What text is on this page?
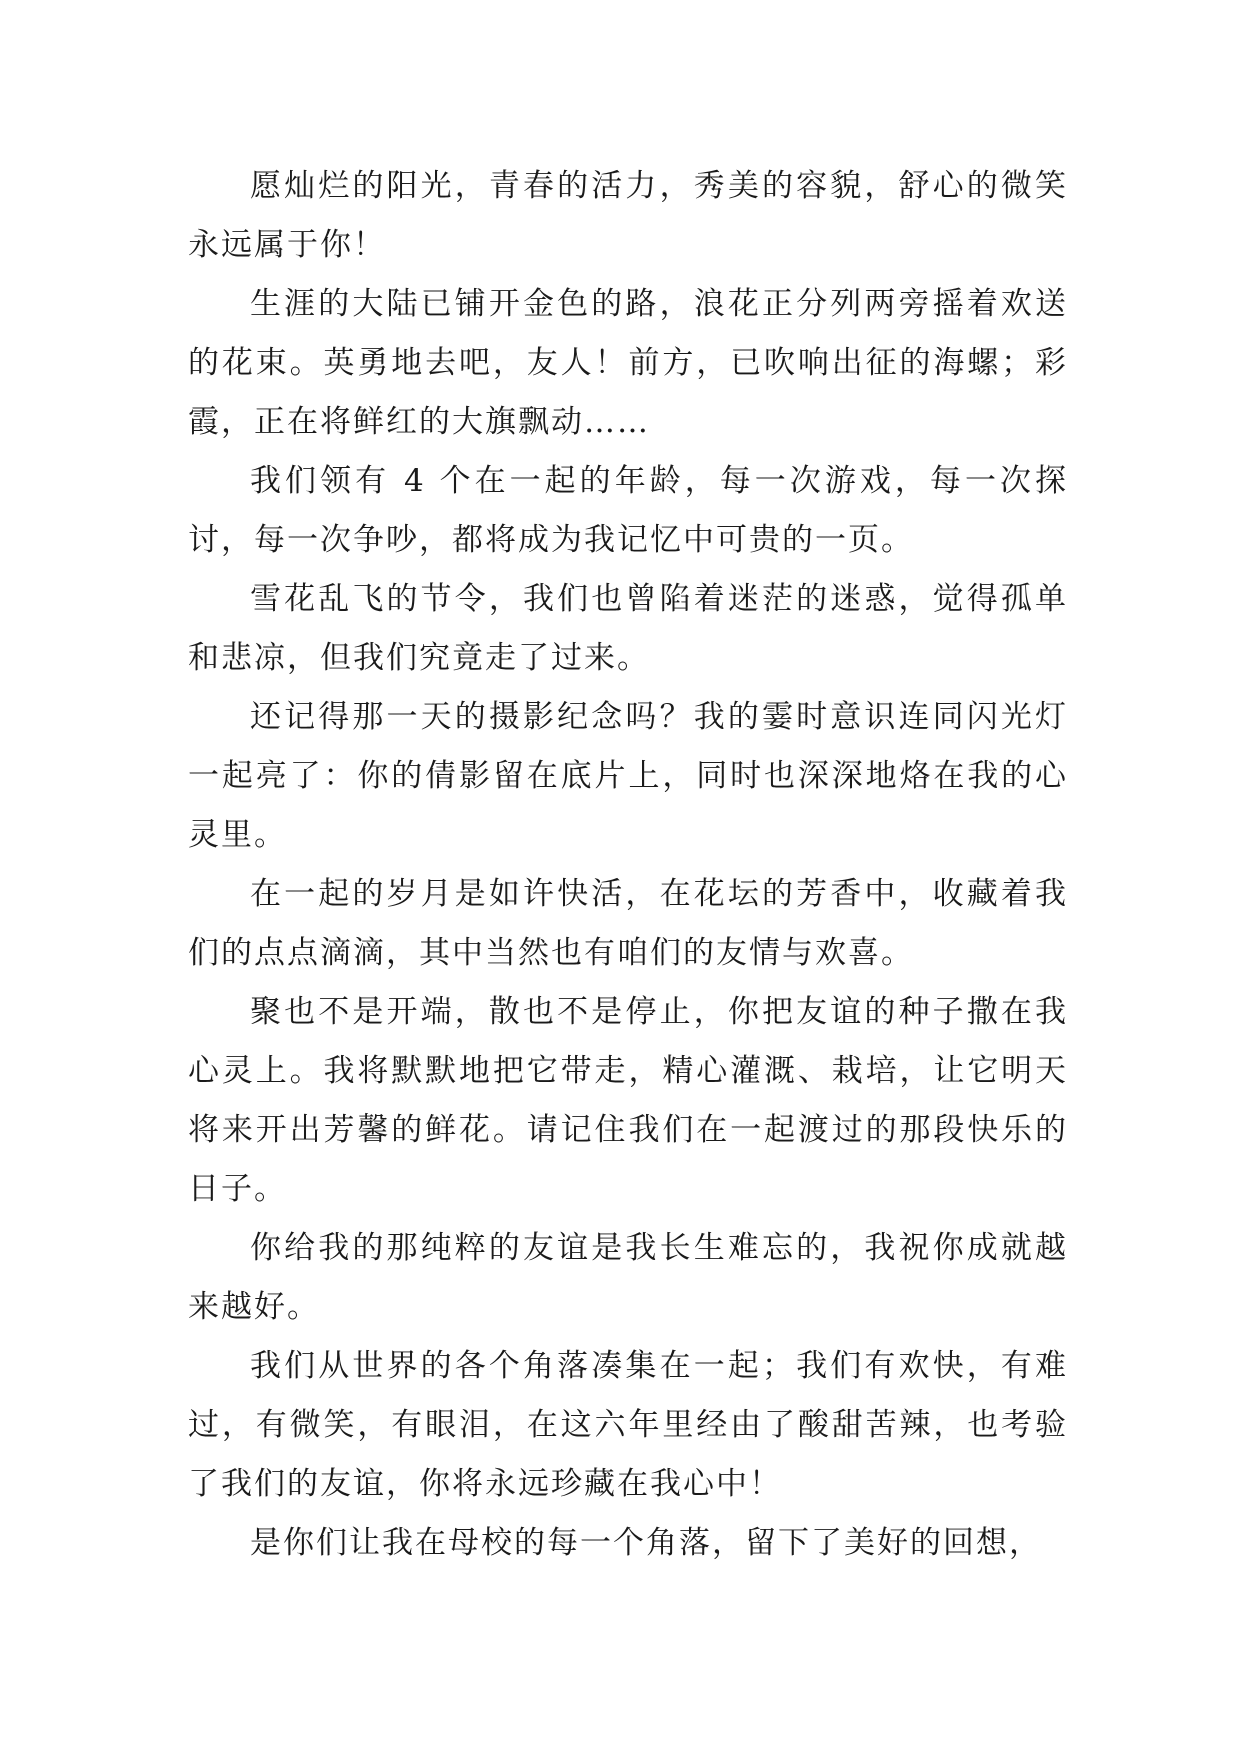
愿灿烂的阳光，青春的活力，秀美的容貌，舒心的微笑永远属于你！

生涯的大陆已铺开金色的路，浪花正分列两旁摇着欢送的花束。英勇地去吧，友人！前方，已吹响出征的海螺；彩霞，正在将鲜红的大旗飘动……

我们领有 4 个在一起的年龄，每一次游戏，每一次探讨，每一次争吵，都将成为我记忆中可贵的一页。

雪花乱飞的节令，我们也曾陷着迷茫的迷惑，觉得孤单和悲凉，但我们究竟走了过来。

还记得那一天的摄影纪念吗？我的霎时意识连同闪光灯一起亮了：你的倩影留在底片上，同时也深深地烙在我的心灵里。

在一起的岁月是如许快活，在花坛的芳香中，收藏着我们的点点滴滴，其中当然也有咱们的友情与欢喜。

聚也不是开端，散也不是停止，你把友谊的种子撒在我心灵上。我将默默地把它带走，精心灌溉、栽培，让它明天将来开出芳馨的鲜花。请记住我们在一起渡过的那段快乐的日子。

你给我的那纯粹的友谊是我长生难忘的，我祝你成就越来越好。

我们从世界的各个角落凑集在一起；我们有欢快，有难过，有微笑，有眼泪，在这六年里经由了酸甜苦辣，也考验了我们的友谊，你将永远珍藏在我心中！

是你们让我在母校的每一个角落，留下了美好的回想，
